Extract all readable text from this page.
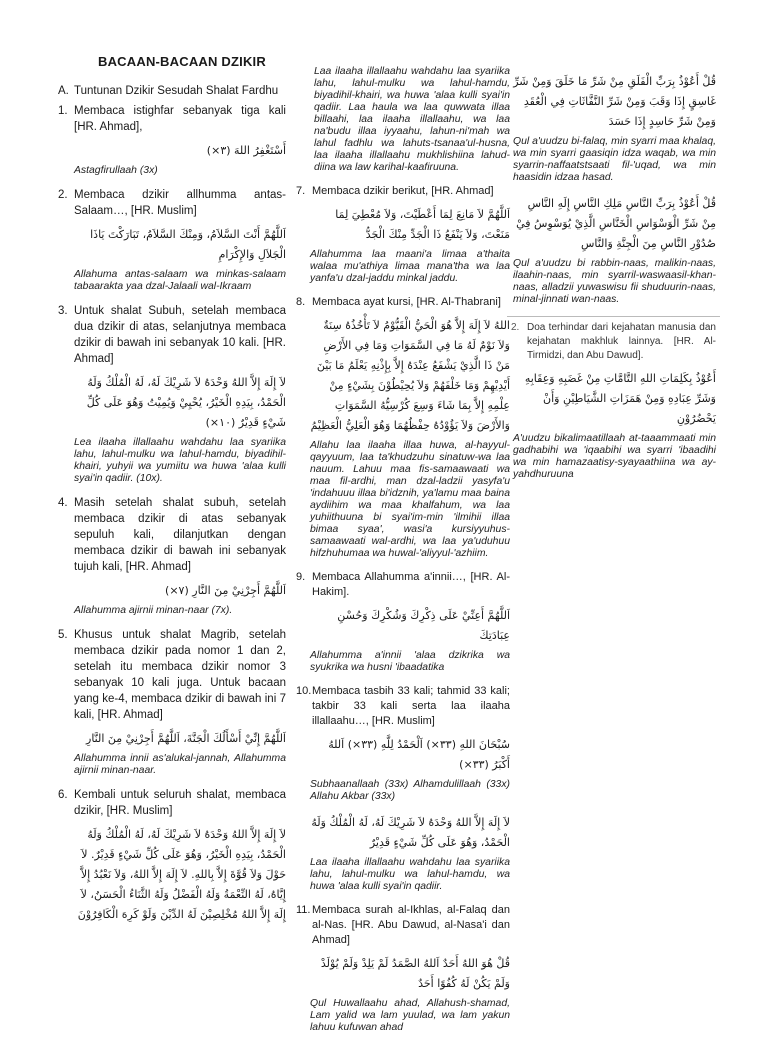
BACAAN-BACAAN DZIKIR
A. Tuntunan Dzikir Sesudah Shalat Fardhu
1. Membaca istighfar sebanyak tiga kali [HR. Ahmad],
أَسْتَغْفِرُ اللهَ (٣×)
Astagfirullaah (3x)
2. Membaca dzikir allhumma antas-Salaam…, [HR. Muslim]
اَللَّهُمَّ أَنْتَ السَّلاَمُ، وَمِنْكَ السَّلاَمُ، تَبَارَكْتَ يَاذَا الْجَلاَلِ وَالإِكْرَامِ
Allahuma antas-salaam wa minkas-salaam tabaarakta yaa dzal-Jalaali wal-Ikraam
3. Untuk shalat Subuh, setelah membaca dua dzikir di atas, selanjutnya membaca dzikir di bawah ini sebanyak 10 kali. [HR. Ahmad]
لاَ إِلَهَ إِلاَّ اللهُ وَحْدَهُ لاَ شَرِيْكَ لَهُ، لَهُ الْمُلْكُ وَلَهُ الْحَمْدُ، بِيَدِهِ الْخَيْرُ، يُحْيِيْ وَيُمِيْتُ وَهُوَ عَلَى كُلِّ شَيْءٍ قَدِيْرٌ (١٠×)
Lea ilaaha illallaahu wahdahu laa syariika lahu, lahul-mulku wa lahul-hamdu, biyadihil-khairi, yuhyii wa yumiitu wa huwa 'alaa kulli syai'in qadiir. (10x).
4. Masih setelah shalat subuh, setelah membaca dzikir di atas sebanyak sepuluh kali, dilanjutkan dengan membaca dzikir di bawah ini sebanyak tujuh kali, [HR. Ahmad]
اَللَّهُمَّ أَجِرْنِيْ مِنَ النَّارِ (٧×)
Allahumma ajirnii minan-naar (7x).
5. Khusus untuk shalat Magrib, setelah membaca dzikir pada nomor 1 dan 2, setelah itu membaca dzikir nomor 3 sebanyak 10 kali juga. Untuk bacaan yang ke-4, membaca dzikir di bawah ini 7 kali, [HR. Ahmad]
اَللَّهُمَّ إِنِّيْ أَسْأَلُكَ الْجَنَّةَ، اَللَّهُمَّ أَجِرْنِيْ مِنَ النَّارِ
Allahumma innii as'alukal-jannah, Allahumma ajirnii minan-naar.
6. Kembali untuk seluruh shalat, membaca dzikir, [HR. Muslim]
لاَ إِلَهَ إِلاَّ اللهُ وَحْدَهُ لاَ شَرِيْكَ لَهُ، لَهُ الْمُلْكُ وَلَهُ الْحَمْدُ، بِيَدِهِ الْخَيْرُ، وَهُوَ عَلَى كُلِّ شَيْءٍ قَدِيْرٌ. لاَ حَوْلَ وَلاَ قُوَّةَ إِلاَّ بِاللهِ. لاَ إِلَهَ إِلاَّ اللهُ، وَلاَ نَعْبُدُ إِلاَّ إِيَّاهُ، لَهُ النِّعْمَةُ وَلَهُ الْفَضْلُ وَلَهُ الثَّنَاءُ الْحَسَنُ، لاَ إِلَهَ إِلاَّ اللهُ مُخْلِصِيْنَ لَهُ الدِّيْنَ وَلَوْ كَرِهَ الْكَافِرُوْنَ
Laa ilaaha illallaahu wahdahu laa syariika lahu, lahul-mulku wa lahul-hamdu, biyadihil-khairi, wa huwa 'alaa kulli syai'in qadiir. Laa haula wa laa quwwata illaa billaahi, laa ilaaha illallaahu, wa laa na'budu illaa iyyaahu, lahun-ni'mah wa lahul fadhlu wa lahuts-tsanaa'ul-husna, laa ilaaha illallaahu mukhlishiina lahud-diina wa law karihal-kaafiruuna.
7. Membaca dzikir berikut, [HR. Ahmad]
اَللَّهُمَّ لاَ مَانِعَ لِمَا أَعْطَيْتَ، وَلاَ مُعْطِيَ لِمَا مَنَعْتَ، وَلاَ يَنْفَعُ ذَا الْجَدِّ مِنْكَ الْجَدُّ
Allahumma laa maani'a limaa a'thaita walaa mu'athiya limaa mana'tha wa laa yanfa'u dzal-jaddu minkal jaddu.
8. Membaca ayat kursi, [HR. Al-Thabrani]
اللهُ لاَ إِلَهَ إِلاَّ هُوَ الْحَيُّ الْقَيُّوْمُ لاَ تَأْخُذُهُ سِنَةٌ وَلاَ نَوْمٌ لَهُ مَا فِي السَّمَوَاتِ وَمَا فِي الأَرْضِ مَنْ ذَا الَّذِيْ يَشْفَعُ عِنْدَهُ إِلاَّ بِإِذْنِهِ يَعْلَمُ مَا بَيْنَ أَيْدِيْهِمْ وَمَا خَلْفَهُمْ وَلاَ يُحِيْطُوْنَ بِشَيْءٍ مِنْ عِلْمِهِ إِلاَّ بِمَا شَاءَ وَسِعَ كُرْسِيُّهُ السَّمَوَاتِ وَالأَرْضَ وَلاَ يَؤُوْدُهُ حِفْظُهُمَا وَهُوَ الْعَلِيُّ الْعَظِيْمُ
Allahu laa ilaaha illaa huwa, al-hayyul-qayyuum, laa ta'khudzuhu sinatuw-wa laa nauum. Lahuu maa fis-samaawaati wa maa fil-ardhi, man dzal-ladzii yasyfa'u 'indahuuu illaa bi'idznih, ya'lamu maa baina aydiihim wa maa khalfahum, wa laa yuhiithuuna bi syai'im-min 'ilmihii illaa bimaa syaa', wasi'a kursiyyuhus-samaawaati wal-ardhi, wa laa ya'uduhuu hifzhuhumaa wa huwal-'aliyyul-'azhiim.
9. Membaca Allahumma a'innii…, [HR. Al-Hakim].
اَللَّهُمَّ أَعِنِّيْ عَلَى ذِكْرِكَ وَشُكْرِكَ وَحُسْنِ عِبَادَتِكَ
Allahumma a'innii 'alaa dzikrika wa syukrika wa husni 'ibaadatika
10. Membaca tasbih 33 kali; tahmid 33 kali; takbir 33 kali serta laa ilaaha illallaahu…, [HR. Muslim]
سُبْحَانَ اللهِ (٣٣×) اَلْحَمْدُ لِلَّهِ (٣٣×) اَللهُ أَكْبَرُ (٣٣×)
Subhaanallaah (33x) Alhamdulillaah (33x) Allahu Akbar (33x)
لاَ إِلَهَ إِلاَّ اللهُ وَحْدَهُ لاَ شَرِيْكَ لَهُ، لَهُ الْمُلْكُ وَلَهُ الْحَمْدُ، وَهُوَ عَلَى كُلِّ شَيْءٍ قَدِيْرٌ
Laa ilaaha illallaahu wahdahu laa syariika lahu, lahul-mulku wa lahul-hamdu, wa huwa 'alaa kulli syai'in qadiir.
11. Membaca surah al-Ikhlas, al-Falaq dan al-Nas. [HR. Abu Dawud, al-Nasa'i dan Ahmad]
قُلْ هُوَ اللهُ أَحَدٌ اَللهُ الصَّمَدُ لَمْ يَلِدْ وَلَمْ يُوْلَدْ وَلَمْ يَكُنْ لَهُ كُفُوًا أَحَدٌ
Qul Huwallaahu ahad, Allahush-shamad, Lam yalid wa lam yuulad, wa lam yakun lahuu kufuwan ahad
قُلْ أَعُوْذُ بِرَبِّ الْفَلَقِ مِنْ شَرِّ مَا خَلَقَ وَمِنْ شَرِّ غَاسِقٍ إِذَا وَقَبَ وَمِنْ شَرِّ النَّفَّاثَاتِ فِي الْعُقَدِ وَمِنْ شَرِّ حَاسِدٍ إِذَا حَسَدَ
Qul a'uudzu bi-falaq, min syarri maa khalaq, wa min syarri gaasiqin idza waqab, wa min syarrin-naffaatstsaati fil-'uqad, wa min haasidin idzaa hasad.
قُلْ أَعُوْذُ بِرَبِّ النَّاسِ مَلِكِ النَّاسِ إِلَهِ النَّاسِ مِنْ شَرِّ الْوَسْوَاسِ الْخَنَّاسِ الَّذِيْ يُوَسْوِسُ فِيْ صُدُوْرِ النَّاسِ مِنَ الْجِنَّةِ وَالنَّاسِ
Qul a'uudzu bi rabbin-naas, malikin-naas, ilaahin-naas, min syarril-waswaasil-khan-naas, alladzii yuwaswisu fii shuduurin-naas, minal-jinnati wan-naas.
2. Doa terhindar dari kejahatan manusia dan kejahatan makhluk lainnya. [HR. Al-Tirmidzi, dan Abu Dawud].
أَعُوْذُ بِكَلِمَاتِ اللهِ التَّامَّاتِ مِنْ غَضَبِهِ وَعِقَابِهِ وَشَرِّ عِبَادِهِ وَمِنْ هَمَزَاتِ الشَّيَاطِيْنِ وَأَنْ يَحْضُرُوْنِ
A'uudzu bikalimaatillaah at-taaammaati min gadhabihi wa 'iqaabihi wa syarri 'ibaadihi wa min hamazaatisy-syayaathiina wa ay-yahdhuruuna
